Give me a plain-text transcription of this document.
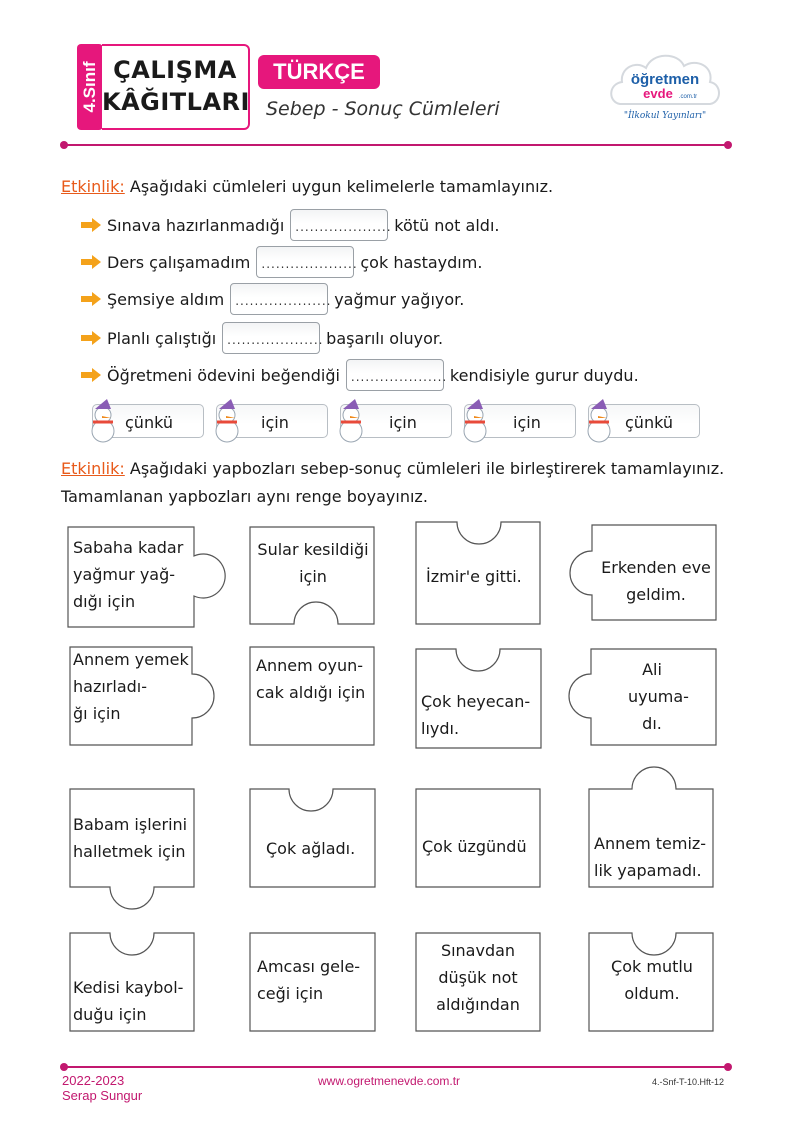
4.Sınıf ÇALIŞMA
KÂĞITLARI
TÜRKÇE
Sebep - Sonuç Cümleleri
öğretmen
evde .com.tr
"İlkokul Yayınları"
Etkinlik: Aşağıdaki cümleleri uygun kelimelerle tamamlayınız.
Sınava hazırlanmadığı .................... kötü not aldı.
Ders çalışamadım .................... çok hastaydım.
Şemsiye aldım .................... yağmur yağıyor.
Planlı çalıştığı .................... başarılı oluyor.
Öğretmeni ödevini beğendiği .................... kendisiyle gurur duydu.
çünkü	için	için	için	çünkü
Etkinlik: Aşağıdaki yapbozları sebep-sonuç cümleleri ile birleştirerek tamamlayınız.
Tamamlanan yapbozları aynı renge boyayınız.
Sabaha kadar
yağmur yağ-
dığı için
Sular kesildiği
için	İzmir'e gitti.	Erkenden eve
geldim.
Annem yemek
hazırladı-
ğı için
Annem oyun-
cak aldığı için	Çok heyecan-
lıydı.
Ali
uyuma-
dı.
Babam işlerini
halletmek için	Çok ağladı.	Çok üzgündü	Annem temiz-
lik yapamadı.
Kedisi kaybol-
duğu için
Amcası gele-
ceği için
Sınavdan
düşük not
aldığından
Çok mutlu
oldum.
2022-2023
Serap Sungur
www.ogretmenevde.com.tr	4.-Snf-T-10.Hft-12
